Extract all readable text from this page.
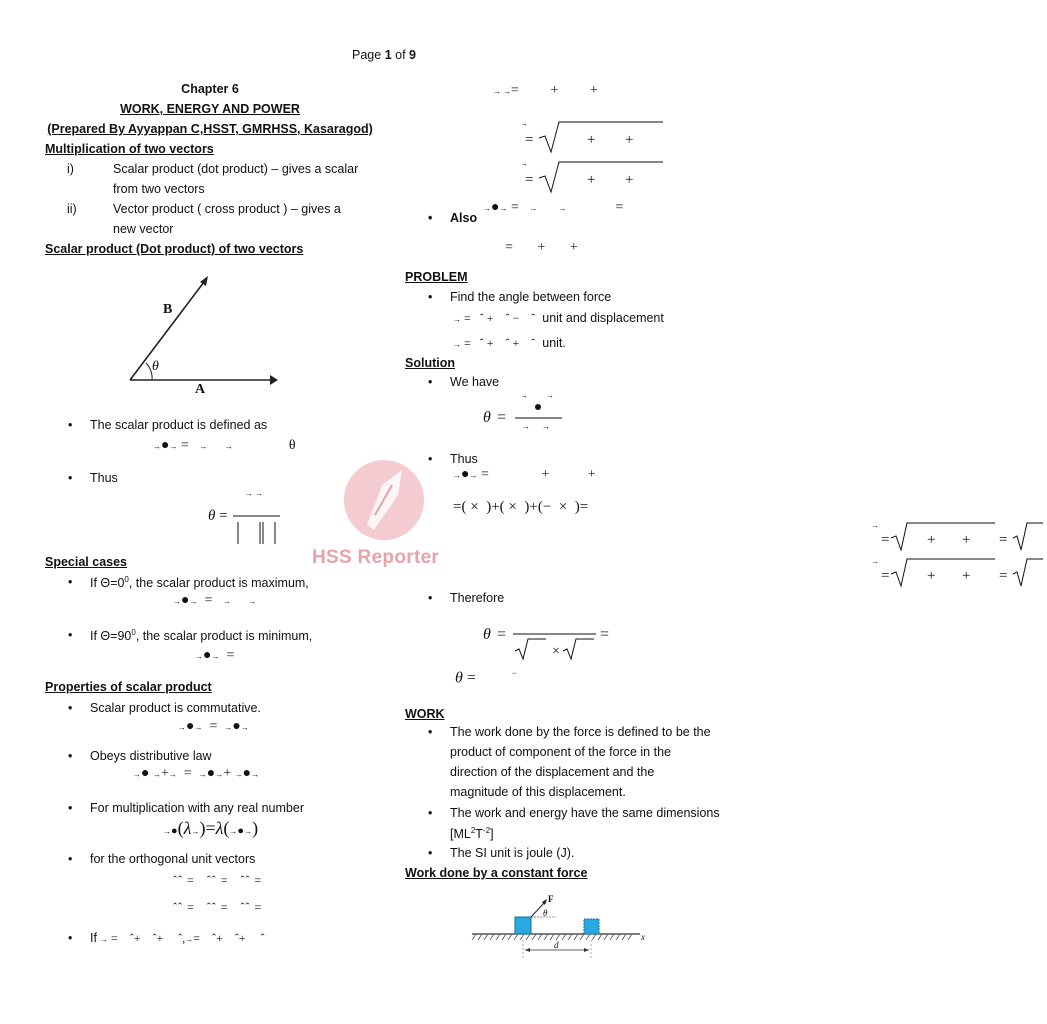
Page 1 of 9
Chapter 6
WORK, ENERGY AND POWER
(Prepared By Ayyappan C,HSST, GMRHSS, Kasaragod)
Multiplication of two vectors
i)	Scalar product (dot product) – gives a scalar
from two vectors
ii)	Vector product ( cross product ) – gives a
new vector
Scalar product (Dot product) of two vectors
B
A
θ
• The scalar product is defined as
→●→ = → →	θ
• Thus
θ =
→ →
Special cases
• If $\Theta=0^0$, the scalar product is maximum,
→●→ = → →
• If $\Theta=90^0$, the scalar product is minimum,
→●→ =
Properties of scalar product
• Scalar product is commutative.
→●→ = →●→
• Obeys distributive law
→● →+→ = →●→+ →●→
• For multiplication with any real number
→●(λ→)=λ(→●→)
• for the orthogonal unit vectors
ˆˆ =   ˆˆ =   ˆˆ =
ˆˆ =   ˆˆ =   ˆˆ =
• If → =    ˆ+    ˆ+     ˆ,→=    ˆ+    ˆ+     ˆ
→ →= + +
→
=	+ +
→
=	+ +
• Also
→●→ = →	→	=
= + +
PROBLEM
• Find the angle between force
→ =   ˆ +    ˆ −    ˆ unit and displacement
→ =   ˆ +    ˆ +    ˆ unit.
Solution
• We have
θ =
→ →
→ →
• Thus
→●→ =	+	+
=( × )+( × )+(− × )=
→
=	+ + =
→
=	+ + =
• Therefore
θ =
×
=
θ =	−
WORK
• The work done by the force is defined to be the
product of component of the force in the
direction of the displacement and the
magnitude of this displacement.
• The work and energy have the same dimensions
$[ML^2T^{-2}]$
• The SI unit is joule (J).
Work done by a constant force
F
θ
d
x
HSS Reporter
